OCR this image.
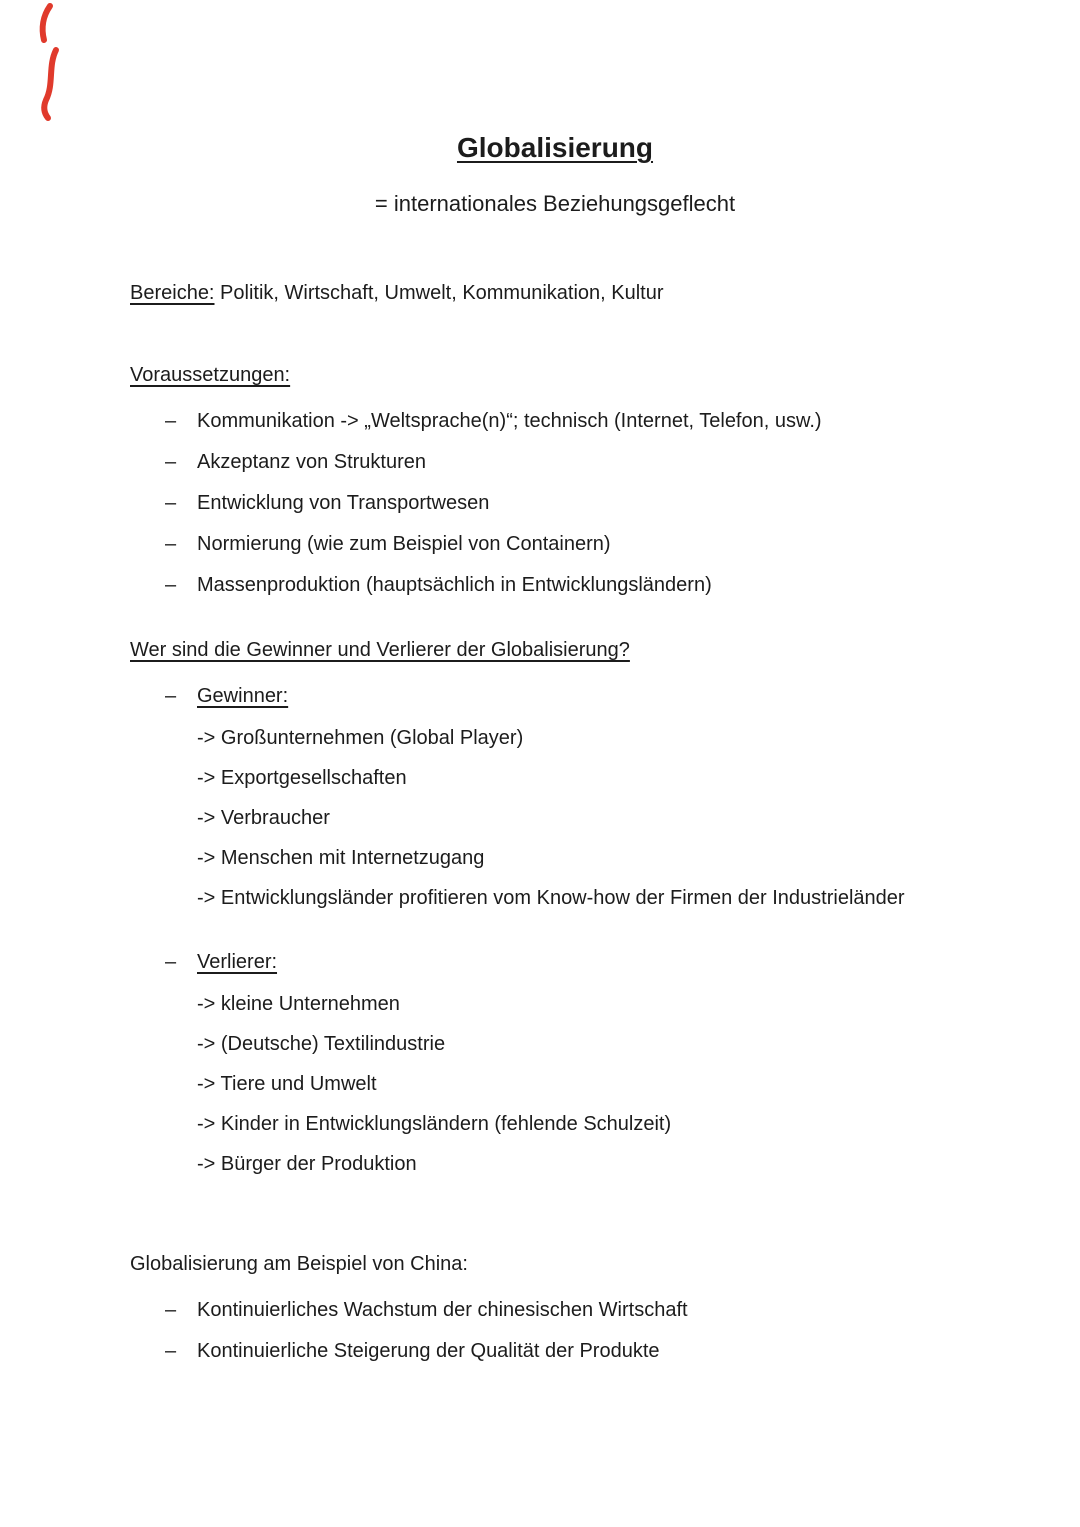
Globalisierung
= internationales Beziehungsgeflecht

Bereiche: Politik, Wirtschaft, Umwelt, Kommunikation, Kultur

Voraussetzungen:

–	Kommunikation -> „Weltsprache(n)“; technisch (Internet, Telefon, usw.)
–	Akzeptanz von Strukturen
–	Entwicklung von Transportwesen
–	Normierung (wie zum Beispiel von Containern)
–	Massenproduktion (hauptsächlich in Entwicklungsländern)

Wer sind die Gewinner und Verlierer der Globalisierung?

–	Gewinner:
-> Großunternehmen (Global Player)
-> Exportgesellschaften
-> Verbraucher
-> Menschen mit Internetzugang
-> Entwicklungsländer profitieren vom Know-how der Firmen der Industrieländer
–	Verlierer:
-> kleine Unternehmen
-> (Deutsche) Textilindustrie
-> Tiere und Umwelt
-> Kinder in Entwicklungsländern (fehlende Schulzeit)
-> Bürger der Produktion

Globalisierung am Beispiel von China:

–	Kontinuierliches Wachstum der chinesischen Wirtschaft
–	Kontinuierliche Steigerung der Qualität der Produkte
